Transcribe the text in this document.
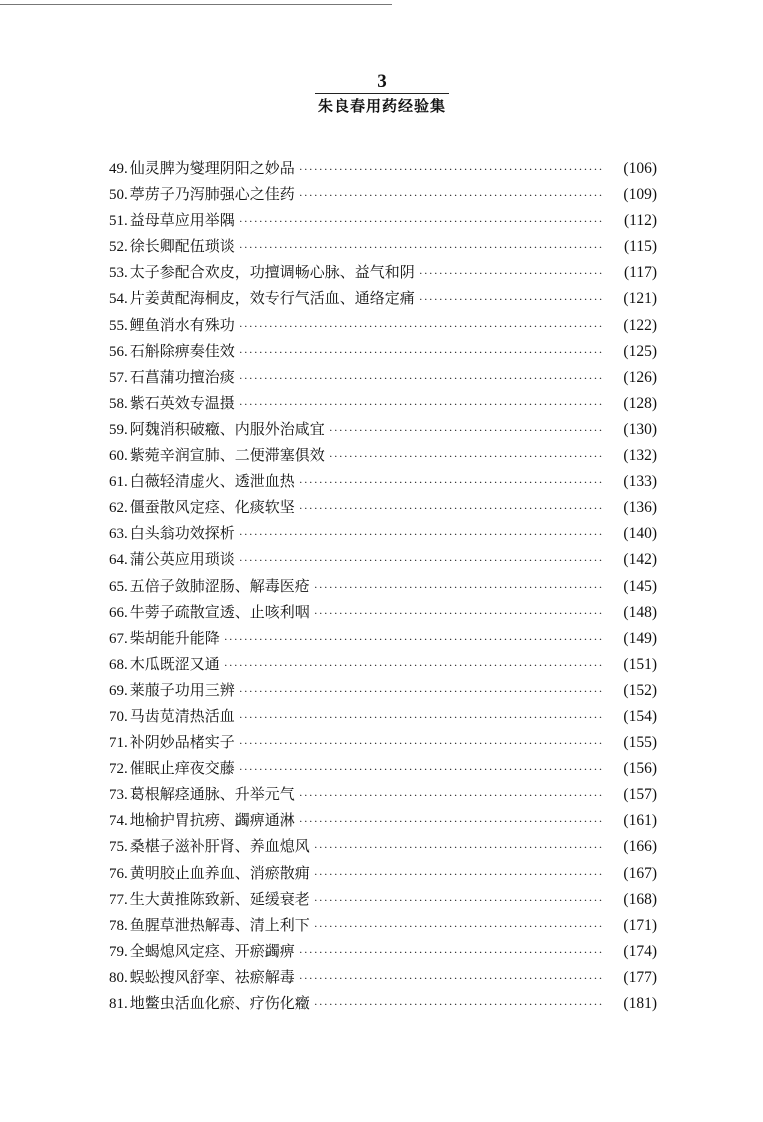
3
朱良春用药经验集
49. 仙灵脾为燮理阴阳之妙品 ·····	(106)
50. 葶苈子乃泻肺强心之佳药 ·····	(109)
51. 益母草应用举隅 ·····	(112)
52. 徐长卿配伍琐谈 ·····	(115)
53. 太子参配合欢皮，功擅调畅心脉、益气和阴 ·····	(117)
54. 片姜黄配海桐皮，效专行气活血、通络定痛 ·····	(121)
55. 鲤鱼消水有殊功 ·····	(122)
56. 石斛除痹奏佳效 ·····	(125)
57. 石菖蒲功擅治痰 ·····	(126)
58. 紫石英效专温摄 ·····	(128)
59. 阿魏消积破癥、内服外治咸宜 ·····	(130)
60. 紫菀辛润宣肺、二便滞塞俱效 ·····	(132)
61. 白薇轻清虚火、透泄血热 ·····	(133)
62. 僵蚕散风定痉、化痰软坚 ·····	(136)
63. 白头翁功效探析 ·····	(140)
64. 蒲公英应用琐谈 ·····	(142)
65. 五倍子敛肺涩肠、解毒医疮 ·····	(145)
66. 牛蒡子疏散宣透、止咳利咽 ·····	(148)
67. 柴胡能升能降 ·····	(149)
68. 木瓜既涩又通 ·····	(151)
69. 莱菔子功用三辨 ·····	(152)
70. 马齿苋清热活血 ·····	(154)
71. 补阴妙品楮实子 ·····	(155)
72. 催眠止痒夜交藤 ·····	(156)
73. 葛根解痉通脉、升举元气 ·····	(157)
74. 地榆护胃抗痨、蠲痹通淋 ·····	(161)
75. 桑椹子滋补肝肾、养血熄风 ·····	(166)
76. 黄明胶止血养血、消瘀散痈 ·····	(167)
77. 生大黄推陈致新、延缓衰老 ·····	(168)
78. 鱼腥草泄热解毒、清上利下 ·····	(171)
79. 全蝎熄风定痉、开瘀蠲痹 ·····	(174)
80. 蜈蚣搜风舒挛、祛瘀解毒 ·····	(177)
81. 地鳖虫活血化瘀、疗伤化癥 ·····	(181)
